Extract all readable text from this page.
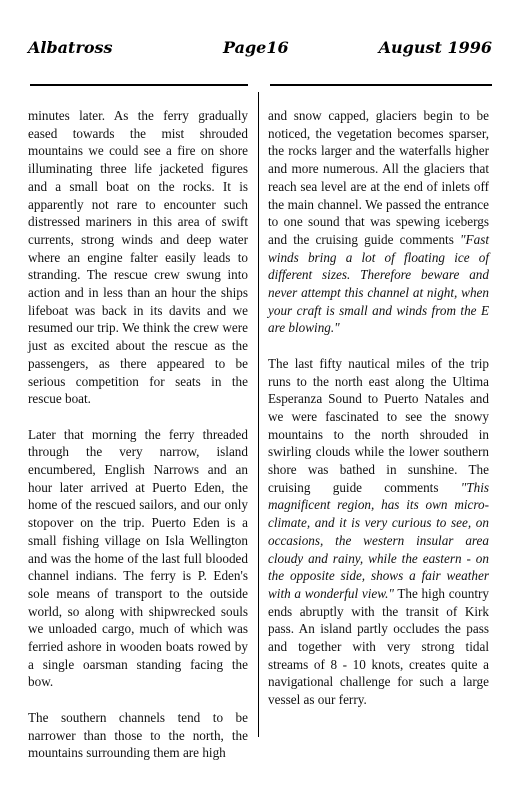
Albatross	Page16	August 1996

minutes later. As the ferry gradually eased towards the mist shrouded mountains we could see a fire on shore illuminating three life jacketed figures and a small boat on the rocks. It is apparently not rare to encounter such distressed mariners in this area of swift currents, strong winds and deep water where an engine falter easily leads to stranding. The rescue crew swung into action and in less than an hour the ships lifeboat was back in its davits and we resumed our trip. We think the crew were just as excited about the rescue as the passengers, as there appeared to be serious competition for seats in the rescue boat.

Later that morning the ferry threaded through the very narrow, island encumbered, English Narrows and an hour later arrived at Puerto Eden, the home of the rescued sailors, and our only stopover on the trip. Puerto Eden is a small fishing village on Isla Wellington and was the home of the last full blooded channel indians. The ferry is P. Eden's sole means of transport to the outside world, so along with shipwrecked souls we unloaded cargo, much of which was ferried ashore in wooden boats rowed by a single oarsman standing facing the bow.

The southern channels tend to be narrower than those to the north, the mountains surrounding them are high

and snow capped, glaciers begin to be noticed, the vegetation becomes sparser, the rocks larger and the waterfalls higher and more numerous. All the glaciers that reach sea level are at the end of inlets off the main channel. We passed the entrance to one sound that was spewing icebergs and the cruising guide comments "Fast winds bring a lot of floating ice of different sizes. Therefore beware and never attempt this channel at night, when your craft is small and winds from the E are blowing."

The last fifty nautical miles of the trip runs to the north east along the Ultima Esperanza Sound to Puerto Natales and we were fascinated to see the snowy mountains to the north shrouded in swirling clouds while the lower southern shore was bathed in sunshine. The cruising guide comments "This magnificent region, has its own micro-climate, and it is very curious to see, on occasions, the western insular area cloudy and rainy, while the eastern - on the opposite side, shows a fair weather with a wonderful view." The high country ends abruptly with the transit of Kirk pass. An island partly occludes the pass and together with very strong tidal streams of 8 - 10 knots, creates quite a navigational challenge for such a large vessel as our ferry.
